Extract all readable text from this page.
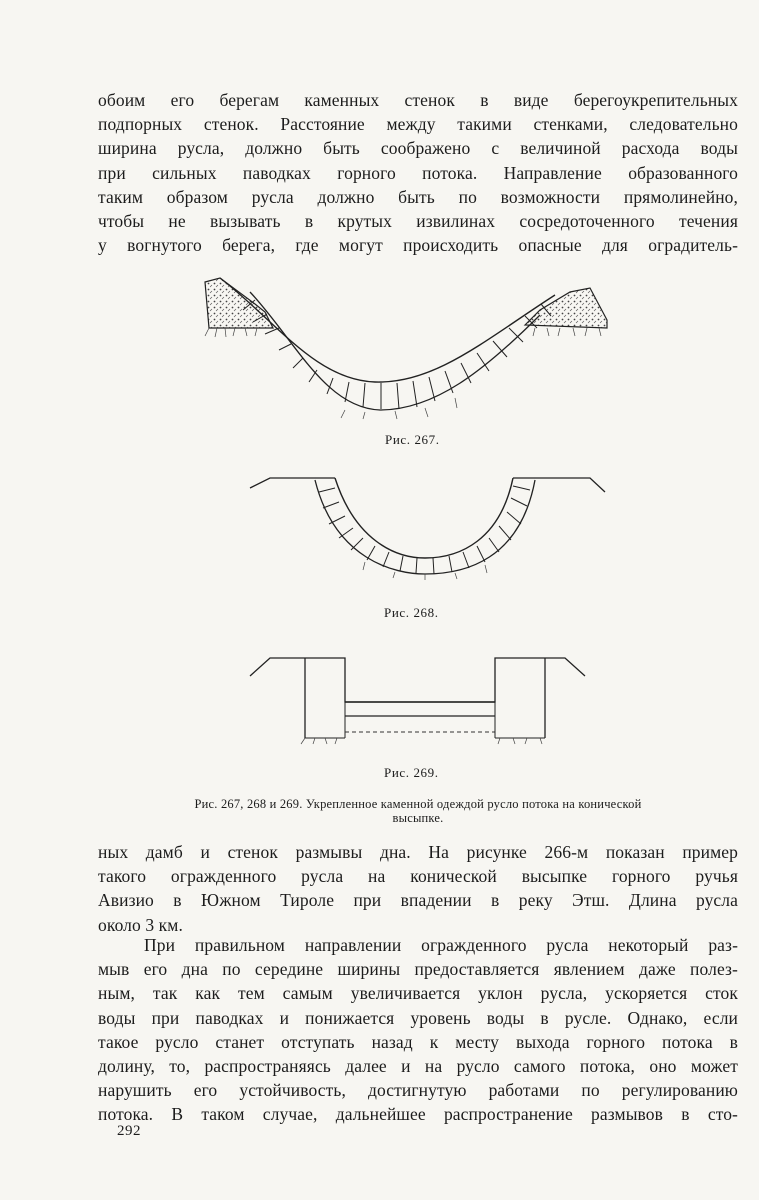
обоим его берегам каменных стенок в виде берегоукрепительных
подпорных стенок. Расстояние между такими стенками, следовательно
ширина русла, должно быть соображено с величиной расхода воды
при сильных паводках горного потока. Направление образованного
таким образом русла должно быть по возможности прямолинейно,
чтобы не вызывать в крутых извилинах сосредоточенного течения
у вогнутого берега, где могут происходить опасные для оградитель-
Рис. 267.
Рис. 268.
Рис. 269.
Рис. 267, 268 и 269. Укрепленное каменной одеждой русло потока на конической
высыпке.
ных дамб и стенок размывы дна. На рисунке 266-м показан пример
такого огражденного русла на конической высыпке горного ручья
Авизио в Южном Тироле при впадении в реку Этш. Длина русла
около 3 км.
При правильном направлении огражденного русла некоторый раз-
мыв его дна по середине ширины предоставляется явлением даже полез-
ным, так как тем самым увеличивается уклон русла, ускоряется сток
воды при паводках и понижается уровень воды в русле. Однако, если
такое русло станет отступать назад к месту выхода горного потока в
долину, то, распространяясь далее и на русло самого потока, оно может
нарушить его устойчивость, достигнутую работами по регулированию
потока. В таком случае, дальнейшее распространение размывов в сто-
292
